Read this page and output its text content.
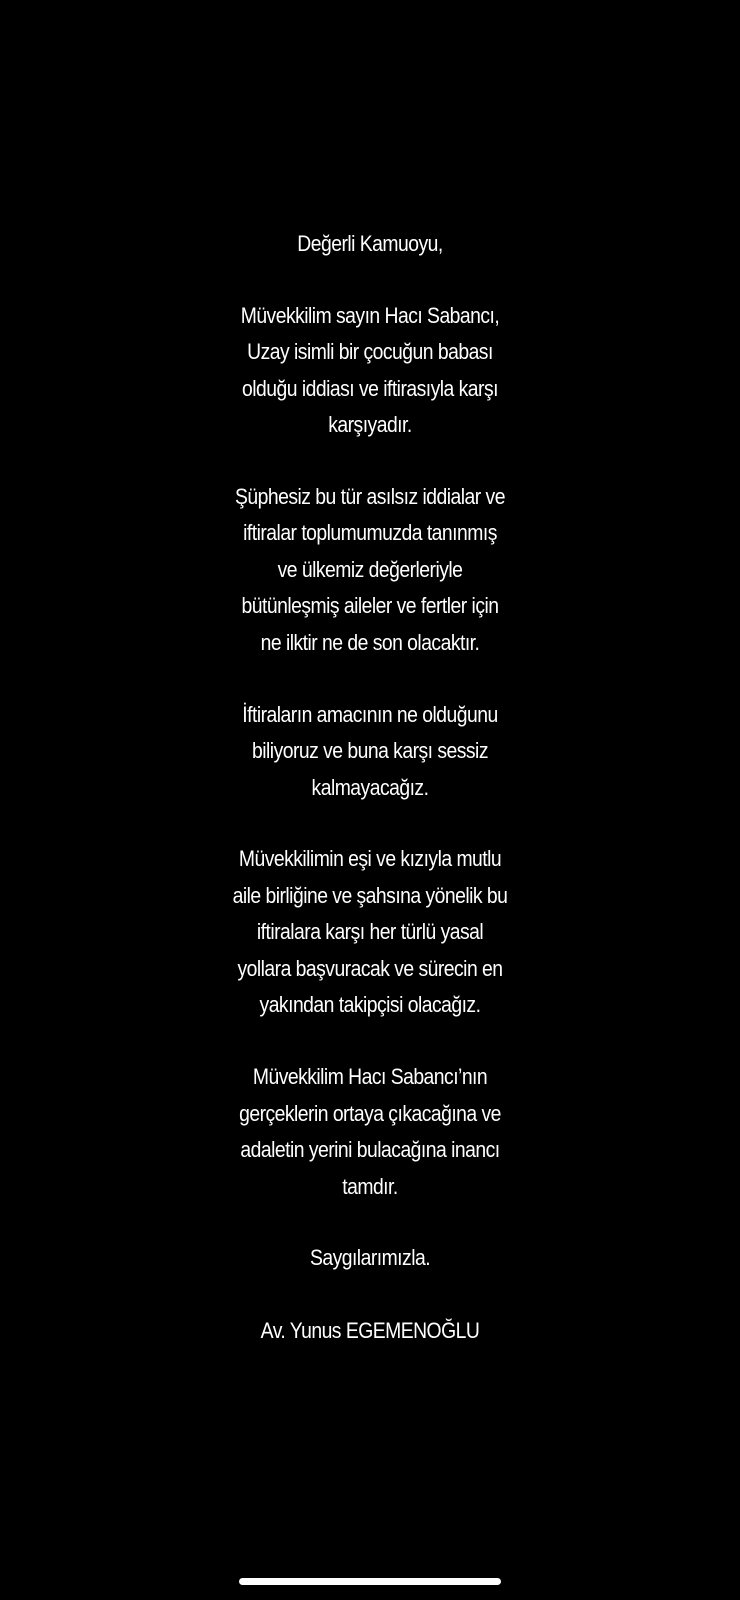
Değerli Kamuoyu,
Müvekkilim sayın Hacı Sabancı,
Uzay isimli bir çocuğun babası
olduğu iddiası ve iftirasıyla karşı
karşıyadır.
Şüphesiz bu tür asılsız iddialar ve
iftiralar toplumumuzda tanınmış
ve ülkemiz değerleriyle
bütünleşmiş aileler ve fertler için
ne ilktir ne de son olacaktır.
İftiraların amacının ne olduğunu
biliyoruz ve buna karşı sessiz
kalmayacağız.
Müvekkilimin eşi ve kızıyla mutlu
aile birliğine ve şahsına yönelik bu
iftiralara karşı her türlü yasal
yollara başvuracak ve sürecin en
yakından takipçisi olacağız.
Müvekkilim Hacı Sabancı’nın
gerçeklerin ortaya çıkacağına ve
adaletin yerini bulacağına inancı
tamdır.
Saygılarımızla.
Av. Yunus EGEMENOĞLU
